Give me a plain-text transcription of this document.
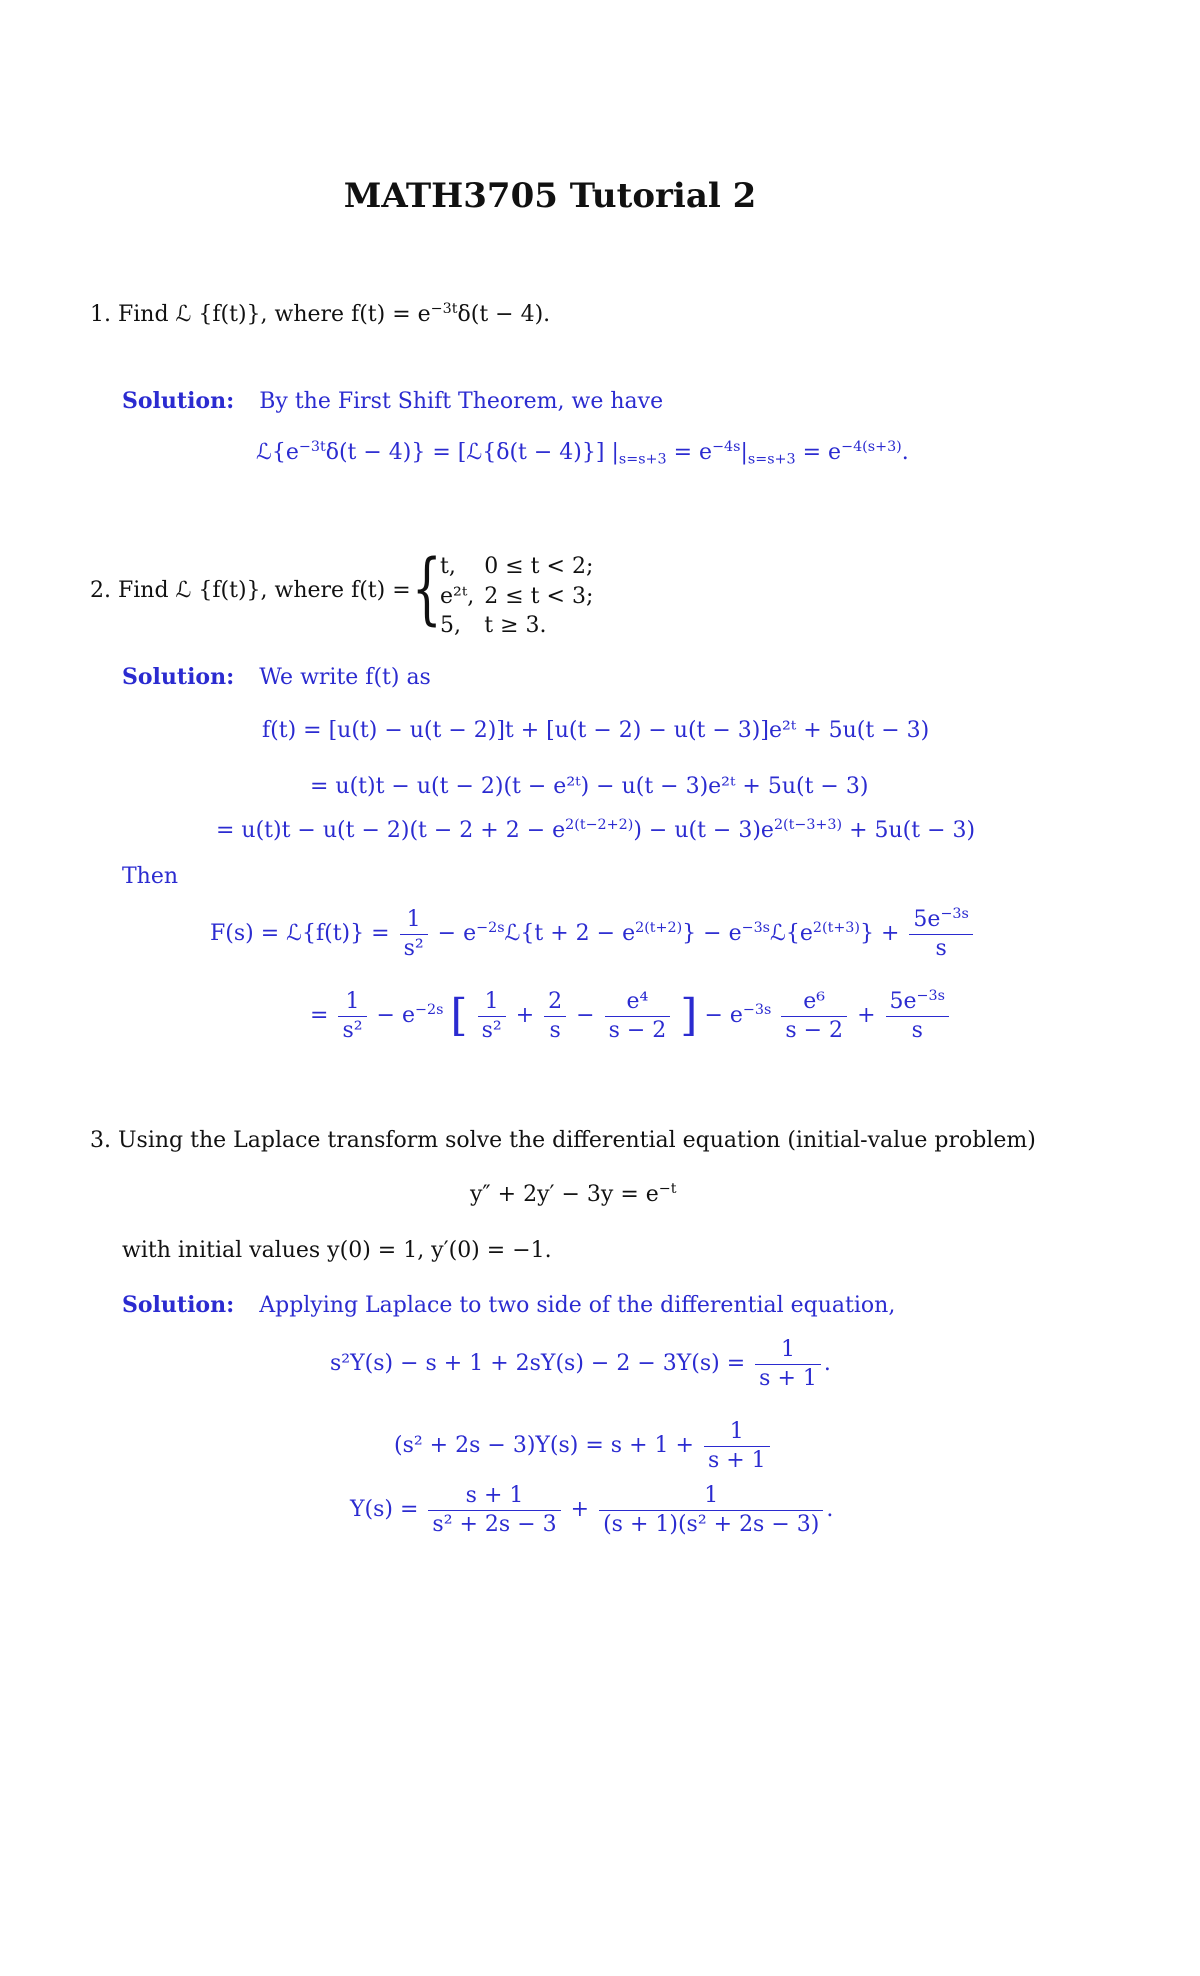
MATH3705 Tutorial 2
1. Find ℒ {f(t)}, where $f(t) = e^{-3t}\delta(t - 4)$.
Solution: By the First Shift Theorem, we have
$ℒ\{e^{-3t}\delta(t - 4)\}$ = [ℒ{δ(t − 4)}] $|_{s=s+3} = e^{-4s}|_{s=s+3} = e^{-4(s+3)}$.
2. Find ℒ {f(t)}, where f(t) = {
t,	0 ≤ t < 2;
e²ᵗ,	2 ≤ t < 3;
5,	t ≥ 3.
Solution: We write f(t) as
f(t) = [u(t) − u(t − 2)]t + [u(t − 2) − u(t − 3)]e²ᵗ + 5u(t − 3)
= u(t)t − u(t − 2)(t − e²ᵗ) − u(t − 3)e²ᵗ + 5u(t − 3)
= $u(t)t - u(t - 2)(t - 2 + 2 - e^{2(t-2+2)}) - u(t - 3)e^{2(t-3+3)} + 5u(t - 3)$
Then
F(s) = ℒ{f(t)} = $\frac{1}{\text{s²}}$ − $e^{-2s}ℒ\{t + 2 - e^{2(t+2)}\}$ − $e^{-3s}ℒ\{e^{2(t+3)}\} + \frac{5e^{-3s}}{s}$
= $\frac{1}{\text{s²}} - e^{-2s}$ [ $\frac{1}{\text{s²}} + \frac{2}{s} - \frac{\text{e⁴}}{s - 2}$ ] − $e^{-3s} \frac{\text{e⁶}}{s - 2} + \frac{5e^{-3s}}{s}$
3. Using the Laplace transform solve the differential equation (initial-value problem)
$y'' + 2y' - 3y = e^{-t}$
with initial values y(0) = 1, y′(0) = −1.
Solution: Applying Laplace to two side of the differential equation,
$s^2Y(s) - s + 1 + 2sY(s) - 2 - 3Y(s) = \frac{1}{s + 1}$ .
$(s^2 + 2s - 3)Y(s) = s + 1 + \frac{1}{s + 1}$
$Y(s) = \frac{s + 1}{\text{s² + 2s − 3}} + \frac{1}{\text{(s + 1)(s² + 2s − 3)}}$ .
